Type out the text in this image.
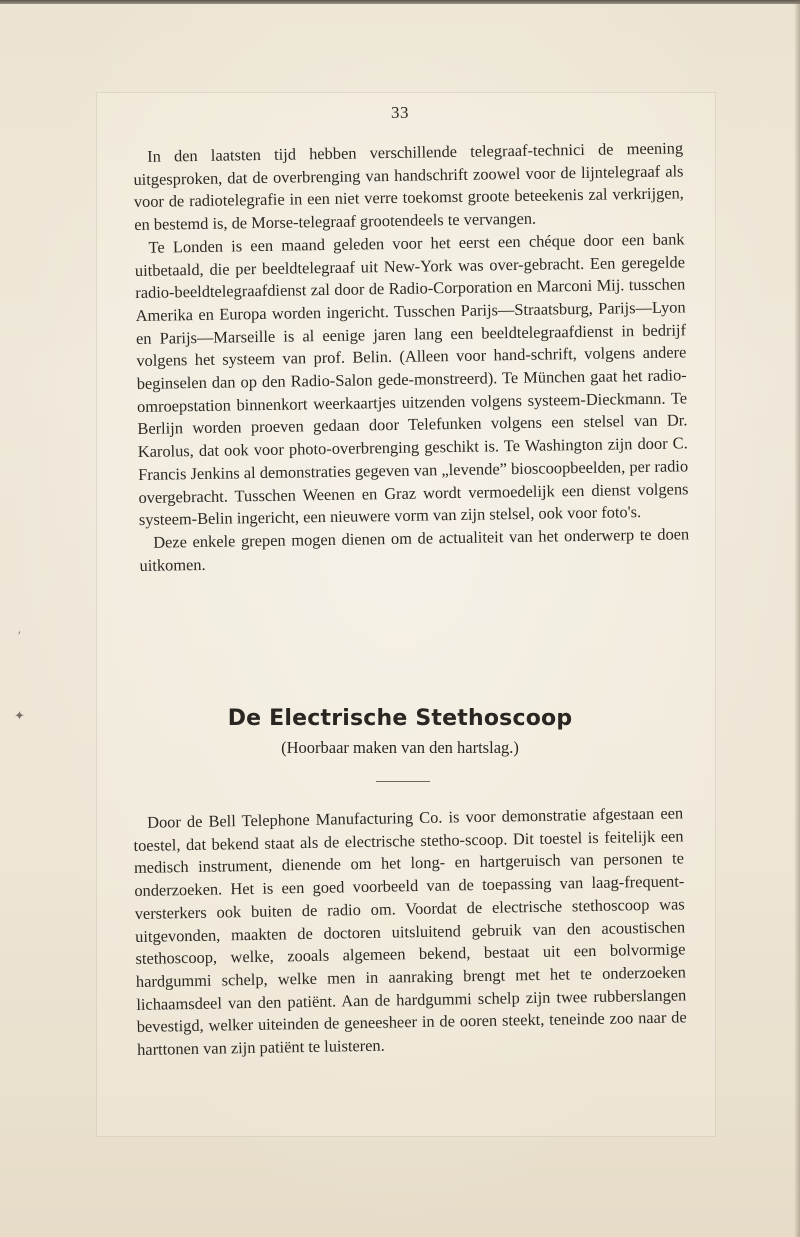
33

In den laatsten tijd hebben verschillende telegraaf-technici de meening uitgesproken, dat de overbrenging van handschrift zoowel voor de lijntelegraaf als voor de radiotelegrafie in een niet verre toekomst groote beteekenis zal verkrijgen, en bestemd is, de Morse-telegraaf grootendeels te vervangen.

Te Londen is een maand geleden voor het eerst een chéque door een bank uitbetaald, die per beeldtelegraaf uit New-York was over-gebracht. Een geregelde radio-beeldtelegraafdienst zal door de Radio-Corporation en Marconi Mij. tusschen Amerika en Europa worden ingericht. Tusschen Parijs—Straatsburg, Parijs—Lyon en Parijs—Marseille is al eenige jaren lang een beeldtelegraafdienst in bedrijf volgens het systeem van prof. Belin. (Alleen voor hand-schrift, volgens andere beginselen dan op den Radio-Salon gede-monstreerd). Te München gaat het radio-omroepstation binnenkort weerkaartjes uitzenden volgens systeem-Dieckmann. Te Berlijn worden proeven gedaan door Telefunken volgens een stelsel van Dr. Karolus, dat ook voor photo-overbrenging geschikt is. Te Washington zijn door C. Francis Jenkins al demonstraties gegeven van „levende” bioscoopbeelden, per radio overgebracht. Tusschen Weenen en Graz wordt vermoedelijk een dienst volgens systeem-Belin ingericht, een nieuwere vorm van zijn stelsel, ook voor foto's.

Deze enkele grepen mogen dienen om de actualiteit van het onderwerp te doen uitkomen.

De Electrische Stethoscoop
(Hoorbaar maken van den hartslag.)

Door de Bell Telephone Manufacturing Co. is voor demonstratie afgestaan een toestel, dat bekend staat als de electrische stetho-scoop. Dit toestel is feitelijk een medisch instrument, dienende om het long- en hartgeruisch van personen te onderzoeken. Het is een goed voorbeeld van de toepassing van laag-frequent-versterkers ook buiten de radio om. Voordat de electrische stethoscoop was uitgevonden, maakten de doctoren uitsluitend gebruik van den acoustischen stethoscoop, welke, zooals algemeen bekend, bestaat uit een bolvormige hardgummi schelp, welke men in aanraking brengt met het te onderzoeken lichaamsdeel van den patiënt. Aan de hardgummi schelp zijn twee rubberslangen bevestigd, welker uiteinden de geneesheer in de ooren steekt, teneinde zoo naar de harttonen van zijn patiënt te luisteren.

′
✦
